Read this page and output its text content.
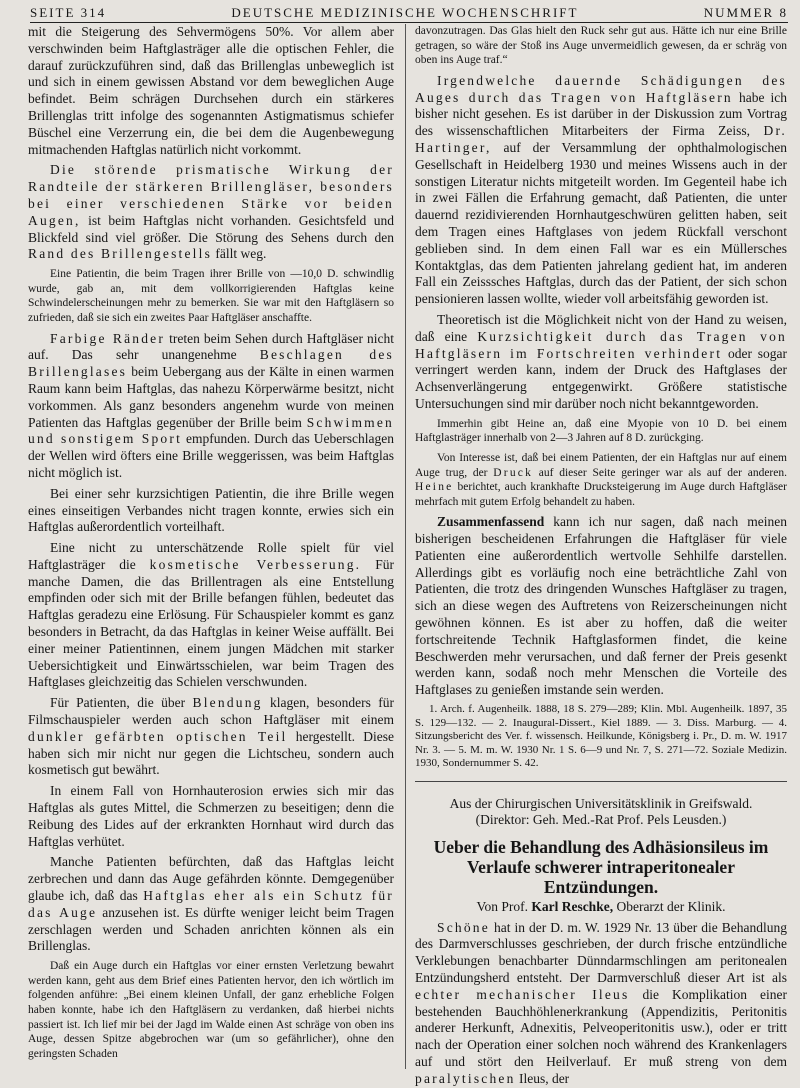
SEITE 314	DEUTSCHE MEDIZINISCHE WOCHENSCHRIFT	NUMMER 8

mit die Steigerung des Sehvermögens 50%. Vor allem aber verschwinden beim Haftglasträger alle die optischen Fehler, die darauf zurückzuführen sind, daß das Brillenglas unbeweglich ist und sich in einem gewissen Abstand vor dem beweglichen Auge befindet. Beim schrägen Durchsehen durch ein stärkeres Brillenglas tritt infolge des sogenannten Astigmatismus schiefer Büschel eine Verzerrung ein, die bei dem die Augenbewegung mitmachenden Haftglas natürlich nicht vorkommt.

Die störende prismatische Wirkung der Randteile der stärkeren Brillengläser, besonders bei einer verschiedenen Stärke vor beiden Augen, ist beim Haftglas nicht vorhanden. Gesichtsfeld und Blickfeld sind viel größer. Die Störung des Sehens durch den Rand des Brillengestells fällt weg.

Eine Patientin, die beim Tragen ihrer Brille von —10,0 D. schwindlig wurde, gab an, mit dem vollkorrigierenden Haftglas keine Schwindelerscheinungen mehr zu bemerken. Sie war mit den Haftgläsern so zufrieden, daß sie sich ein zweites Paar Haftgläser anschaffte.

Farbige Ränder treten beim Sehen durch Haftgläser nicht auf. Das sehr unangenehme Beschlagen des Brillenglases beim Uebergang aus der Kälte in einen warmen Raum kann beim Haftglas, das nahezu Körperwärme besitzt, nicht vorkommen. Als ganz besonders angenehm wurde von meinen Patienten das Haftglas gegenüber der Brille beim Schwimmen und sonstigem Sport empfunden. Durch das Ueberschlagen der Wellen wird öfters eine Brille weggerissen, was beim Haftglas nicht möglich ist.

Bei einer sehr kurzsichtigen Patientin, die ihre Brille wegen eines einseitigen Verbandes nicht tragen konnte, erwies sich ein Haftglas außerordentlich vorteilhaft.

Eine nicht zu unterschätzende Rolle spielt für viel Haftglasträger die kosmetische Verbesserung. Für manche Damen, die das Brillentragen als eine Entstellung empfinden oder sich mit der Brille befangen fühlen, bedeutet das Haftglas geradezu eine Erlösung. Für Schauspieler kommt es ganz besonders in Betracht, da das Haftglas in keiner Weise auffällt. Bei einer meiner Patientinnen, einem jungen Mädchen mit starker Uebersichtigkeit und Einwärtsschielen, war beim Tragen des Haftglases gleichzeitig das Schielen verschwunden.

Für Patienten, die über Blendung klagen, besonders für Filmschauspieler werden auch schon Haftgläser mit einem dunkler gefärbten optischen Teil hergestellt. Diese haben sich mir nicht nur gegen die Lichtscheu, sondern auch kosmetisch gut bewährt.

In einem Fall von Hornhauterosion erwies sich mir das Haftglas als gutes Mittel, die Schmerzen zu beseitigen; denn die Reibung des Lides auf der erkrankten Hornhaut wird durch das Haftglas verhütet.

Manche Patienten befürchten, daß das Haftglas leicht zerbrechen und dann das Auge gefährden könnte. Demgegenüber glaube ich, daß das Haftglas eher als ein Schutz für das Auge anzusehen ist. Es dürfte weniger leicht beim Tragen zerschlagen werden und Schaden anrichten können als ein Brillenglas.

Daß ein Auge durch ein Haftglas vor einer ernsten Verletzung bewahrt werden kann, geht aus dem Brief eines Patienten hervor, den ich wörtlich im folgenden anführe: „Bei einem kleinen Unfall, der ganz erhebliche Folgen haben konnte, habe ich den Haftgläsern zu verdanken, daß hierbei nichts passiert ist. Ich lief mir bei der Jagd im Walde einen Ast schräge von oben ins Auge, dessen Spitze abgebrochen war (um so gefährlicher), ohne den geringsten Schaden

davonzutragen. Das Glas hielt den Ruck sehr gut aus. Hätte ich nur eine Brille getragen, so wäre der Stoß ins Auge unvermeidlich gewesen, da er schräg von oben ins Auge traf.“

Irgendwelche dauernde Schädigungen des Auges durch das Tragen von Haftgläsern habe ich bisher nicht gesehen. Es ist darüber in der Diskussion zum Vortrag des wissenschaftlichen Mitarbeiters der Firma Zeiss, Dr. Hartinger, auf der Versammlung der ophthalmologischen Gesellschaft in Heidelberg 1930 und meines Wissens auch in der sonstigen Literatur nichts mitgeteilt worden. Im Gegenteil habe ich in zwei Fällen die Erfahrung gemacht, daß Patienten, die unter dauernd rezidivierenden Hornhautgeschwüren gelitten haben, seit dem Tragen eines Haftglases von jedem Rückfall verschont geblieben sind. In dem einen Fall war es ein Müllersches Kontaktglas, das dem Patienten jahrelang gedient hat, im anderen Fall ein Zeisssches Haftglas, durch das der Patient, der sich schon pensionieren lassen wollte, wieder voll arbeitsfähig geworden ist.

Theoretisch ist die Möglichkeit nicht von der Hand zu weisen, daß eine Kurzsichtigkeit durch das Tragen von Haftgläsern im Fortschreiten verhindert oder sogar verringert werden kann, indem der Druck des Haftglases der Achsenverlängerung entgegenwirkt. Größere statistische Untersuchungen sind mir darüber noch nicht bekanntgeworden.

Immerhin gibt Heine an, daß eine Myopie von 10 D. bei einem Haftglasträger innerhalb von 2—3 Jahren auf 8 D. zurückging.

Von Interesse ist, daß bei einem Patienten, der ein Haftglas nur auf einem Auge trug, der Druck auf dieser Seite geringer war als auf der anderen. Heine berichtet, auch krankhafte Drucksteigerung im Auge durch Haftgläser mehrfach mit gutem Erfolg behandelt zu haben.

Zusammenfassend kann ich nur sagen, daß nach meinen bisherigen bescheidenen Erfahrungen die Haftgläser für viele Patienten eine außerordentlich wertvolle Sehhilfe darstellen. Allerdings gibt es vorläufig noch eine beträchtliche Zahl von Patienten, die trotz des dringenden Wunsches Haftgläser zu tragen, sich an diese wegen des Auftretens von Reizerscheinungen nicht gewöhnen können. Es ist aber zu hoffen, daß die weiter fortschreitende Technik Haftglasformen findet, die keine Beschwerden mehr verursachen, und daß ferner der Preis gesenkt werden kann, sodaß noch mehr Menschen die Vorteile des Haftglases zu genießen imstande sein werden.

1. Arch. f. Augenheilk. 1888, 18 S. 279—289; Klin. Mbl. Augenheilk. 1897, 35 S. 129—132. — 2. Inaugural-Dissert., Kiel 1889. — 3. Diss. Marburg. — 4. Sitzungsbericht des Ver. f. wissensch. Heilkunde, Königsberg i. Pr., D. m. W. 1917 Nr. 3. — 5. M. m. W. 1930 Nr. 1 S. 6—9 und Nr. 7, S. 271—72. Soziale Medizin. 1930, Sondernummer S. 42.

Aus der Chirurgischen Universitätsklinik in Greifswald.
(Direktor: Geh. Med.-Rat Prof. Pels Leusden.)
Ueber die Behandlung des Adhäsionsileus im Verlaufe schwerer intraperitonealer Entzündungen.
Von Prof. Karl Reschke, Oberarzt der Klinik.

Schöne hat in der D. m. W. 1929 Nr. 13 über die Behandlung des Darmverschlusses geschrieben, der durch frische entzündliche Verklebungen benachbarter Dünndarmschlingen am peritonealen Entzündungsherd entsteht. Der Darmverschluß dieser Art ist als echter mechanischer Ileus die Komplikation einer bestehenden Bauchhöhlenerkrankung (Appendizitis, Peritonitis anderer Herkunft, Adnexitis, Pelveoperitonitis usw.), oder er tritt nach der Operation einer solchen noch während des Krankenlagers auf und stört den Heilverlauf. Er muß streng von dem paralytischen Ileus, der
